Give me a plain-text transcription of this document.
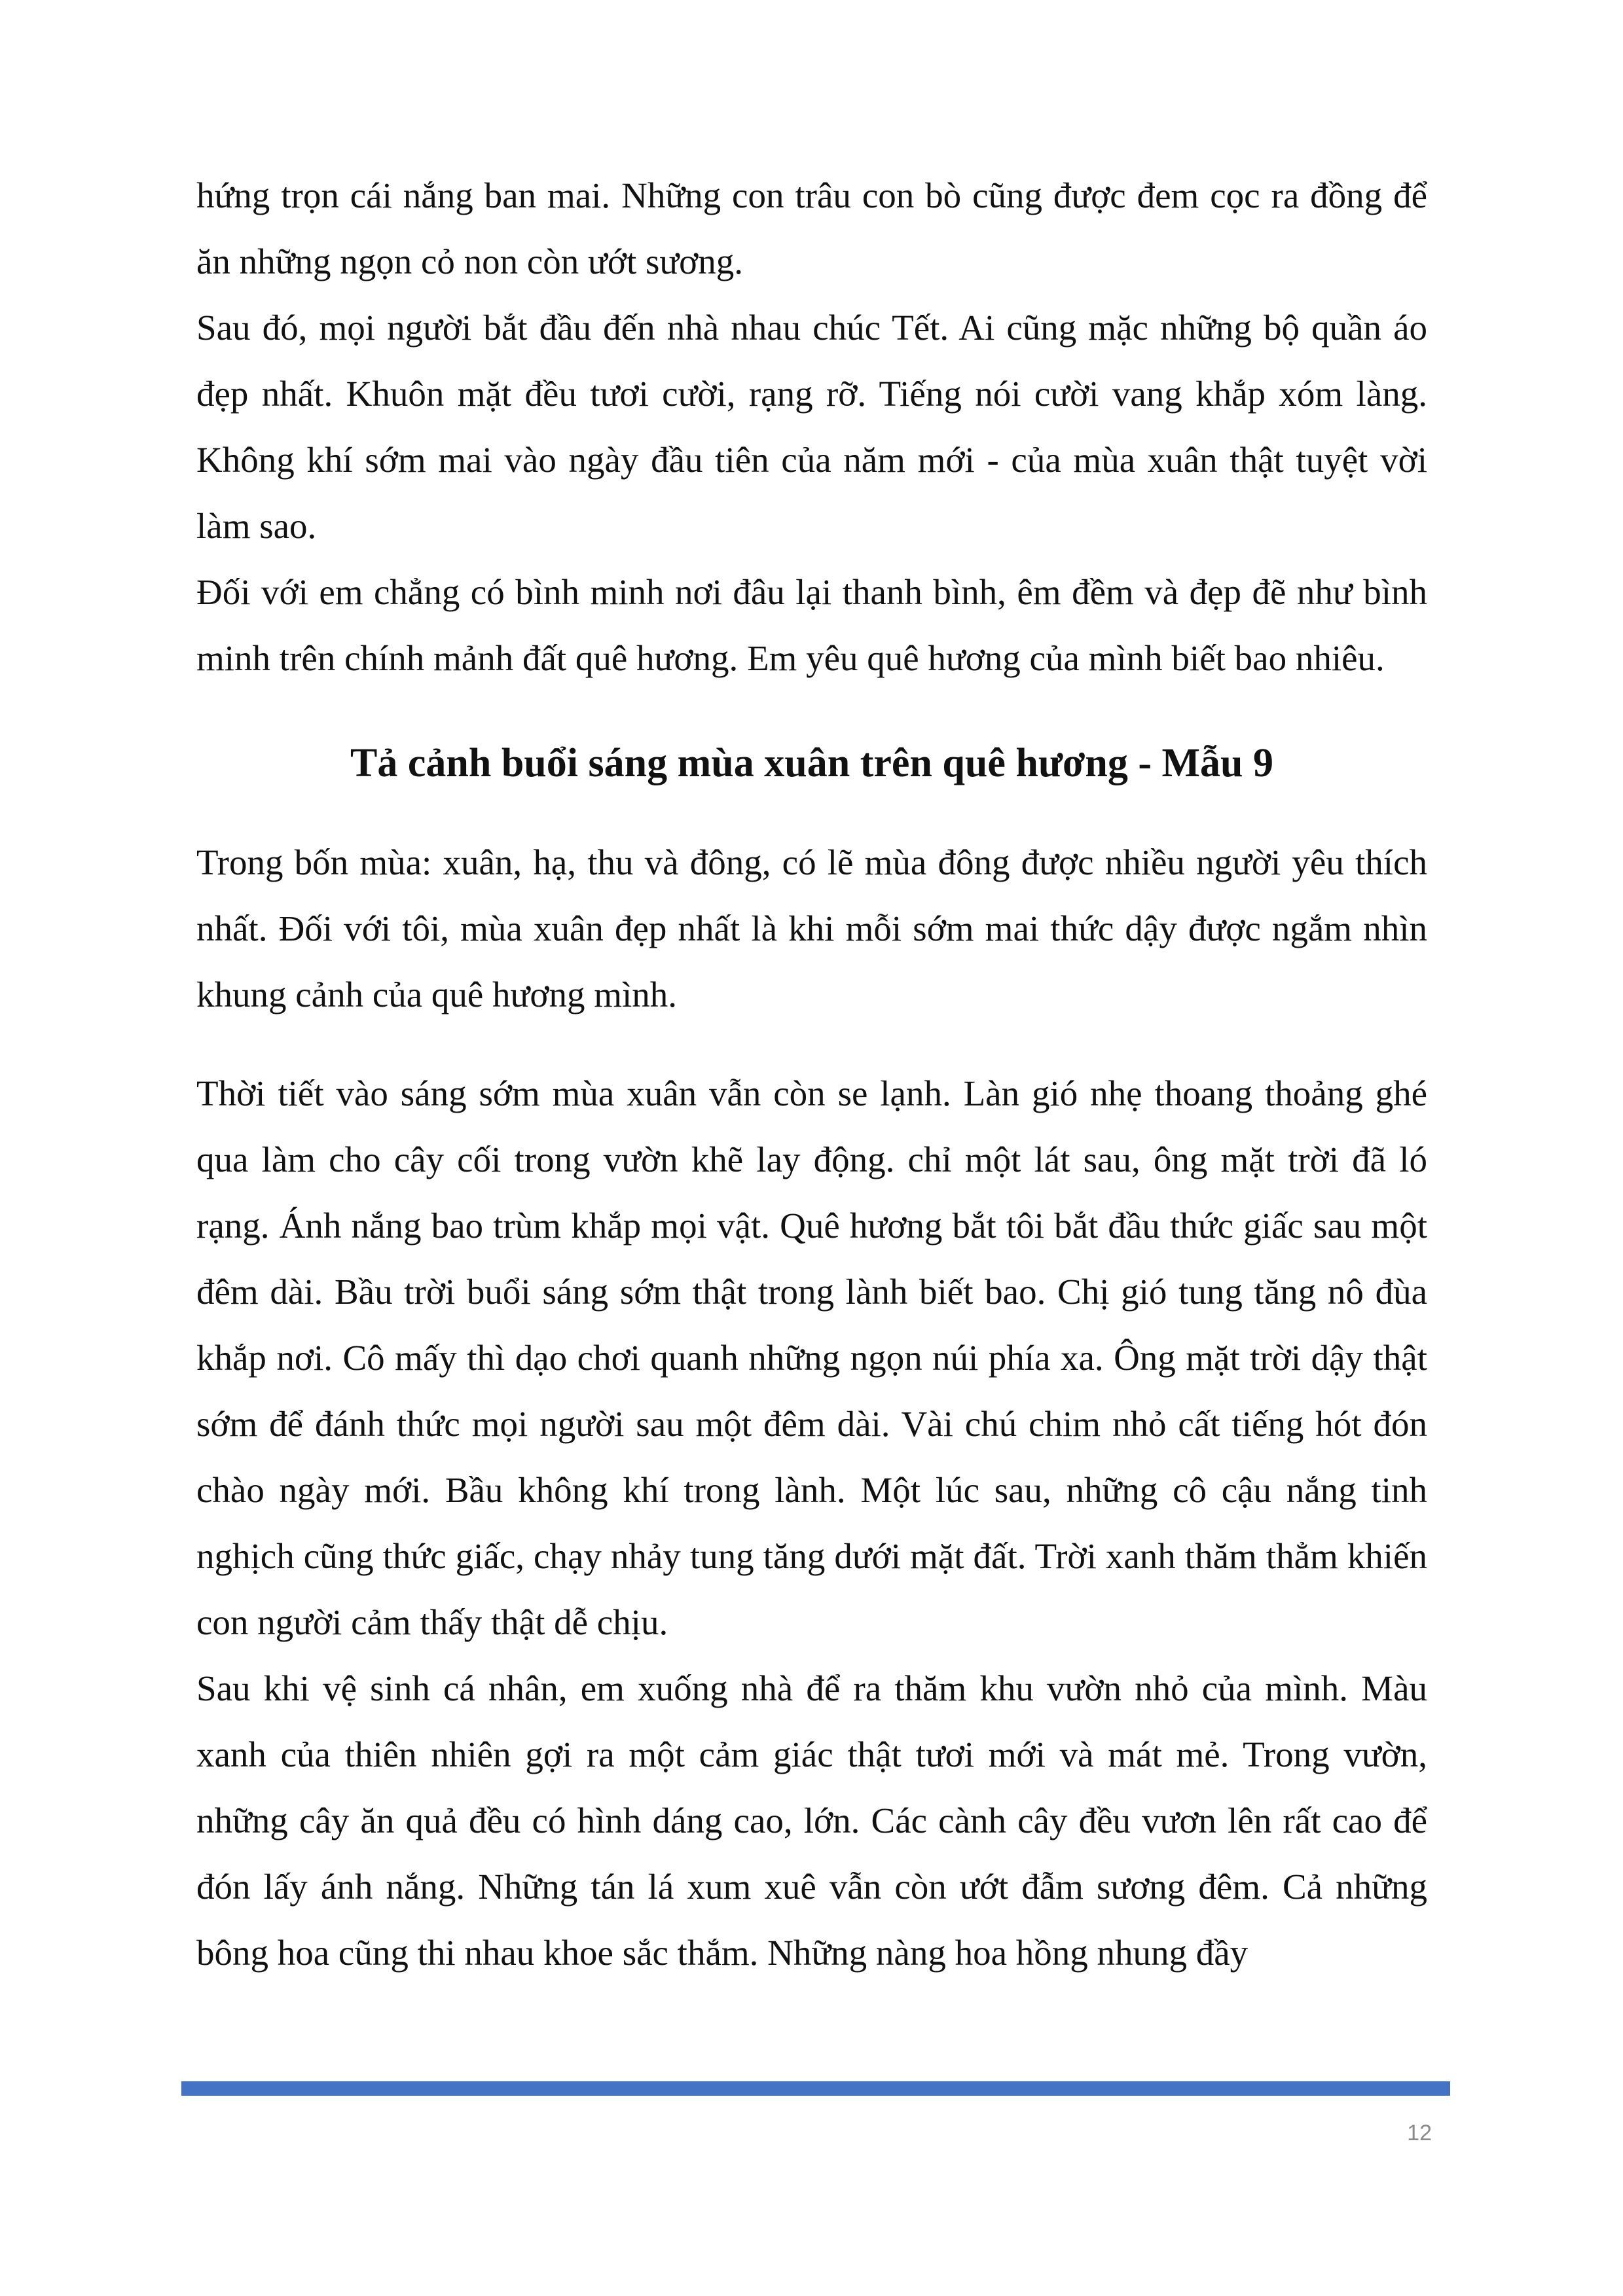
hứng trọn cái nắng ban mai. Những con trâu con bò cũng được đem cọc ra đồng để ăn những ngọn cỏ non còn ướt sương.

Sau đó, mọi người bắt đầu đến nhà nhau chúc Tết. Ai cũng mặc những bộ quần áo đẹp nhất. Khuôn mặt đều tươi cười, rạng rỡ. Tiếng nói cười vang khắp xóm làng. Không khí sớm mai vào ngày đầu tiên của năm mới - của mùa xuân thật tuyệt vời làm sao.

Đối với em chẳng có bình minh nơi đâu lại thanh bình, êm đềm và đẹp đẽ như bình minh trên chính mảnh đất quê hương. Em yêu quê hương của mình biết bao nhiêu.

Tả cảnh buổi sáng mùa xuân trên quê hương - Mẫu 9

Trong bốn mùa: xuân, hạ, thu và đông, có lẽ mùa đông được nhiều người yêu thích nhất. Đối với tôi, mùa xuân đẹp nhất là khi mỗi sớm mai thức dậy được ngắm nhìn khung cảnh của quê hương mình.

Thời tiết vào sáng sớm mùa xuân vẫn còn se lạnh. Làn gió nhẹ thoang thoảng ghé qua làm cho cây cối trong vườn khẽ lay động. chỉ một lát sau, ông mặt trời đã ló rạng. Ánh nắng bao trùm khắp mọi vật. Quê hương bắt tôi bắt đầu thức giấc sau một đêm dài. Bầu trời buổi sáng sớm thật trong lành biết bao. Chị gió tung tăng nô đùa khắp nơi. Cô mấy thì dạo chơi quanh những ngọn núi phía xa. Ông mặt trời dậy thật sớm để đánh thức mọi người sau một đêm dài. Vài chú chim nhỏ cất tiếng hót đón chào ngày mới. Bầu không khí trong lành. Một lúc sau, những cô cậu nắng tinh nghịch cũng thức giấc, chạy nhảy tung tăng dưới mặt đất. Trời xanh thăm thẳm khiến con người cảm thấy thật dễ chịu.

Sau khi vệ sinh cá nhân, em xuống nhà để ra thăm khu vườn nhỏ của mình. Màu xanh của thiên nhiên gợi ra một cảm giác thật tươi mới và mát mẻ. Trong vườn, những cây ăn quả đều có hình dáng cao, lớn. Các cành cây đều vươn lên rất cao để đón lấy ánh nắng. Những tán lá xum xuê vẫn còn ướt đẫm sương đêm. Cả những bông hoa cũng thi nhau khoe sắc thắm. Những nàng hoa hồng nhung đầy

12
